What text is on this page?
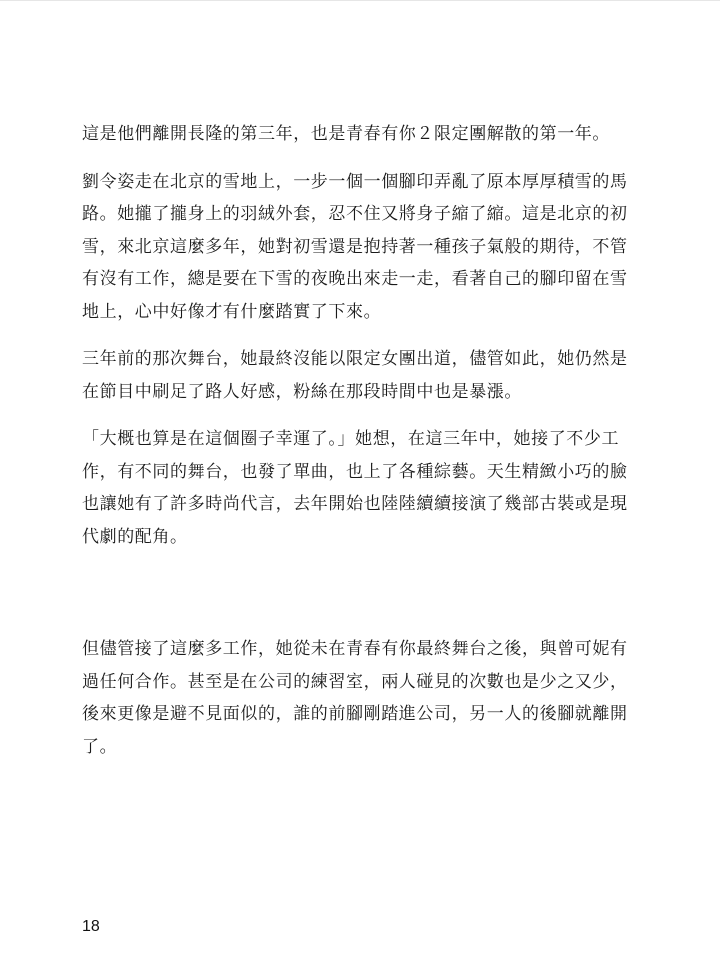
這是他們離開長隆的第三年，也是青春有你２限定團解散的第一年。

劉令姿走在北京的雪地上，一步一個一個腳印弄亂了原本厚厚積雪的馬
路。她攏了攏身上的羽絨外套，忍不住又將身子縮了縮。這是北京的初
雪，來北京這麼多年，她對初雪還是抱持著一種孩子氣般的期待，不管
有沒有工作，總是要在下雪的夜晚出來走一走，看著自己的腳印留在雪
地上，心中好像才有什麼踏實了下來。

三年前的那次舞台，她最終沒能以限定女團出道，儘管如此，她仍然是
在節目中刷足了路人好感，粉絲在那段時間中也是暴漲。

「大概也算是在這個圈子幸運了。」她想，在這三年中，她接了不少工
作，有不同的舞台，也發了單曲，也上了各種綜藝。天生精緻小巧的臉
也讓她有了許多時尚代言，去年開始也陸陸續續接演了幾部古裝或是現
代劇的配角。

但儘管接了這麼多工作，她從未在青春有你最終舞台之後，與曾可妮有
過任何合作。甚至是在公司的練習室，兩人碰見的次數也是少之又少，
後來更像是避不見面似的，誰的前腳剛踏進公司，另一人的後腳就離開
了。

18
